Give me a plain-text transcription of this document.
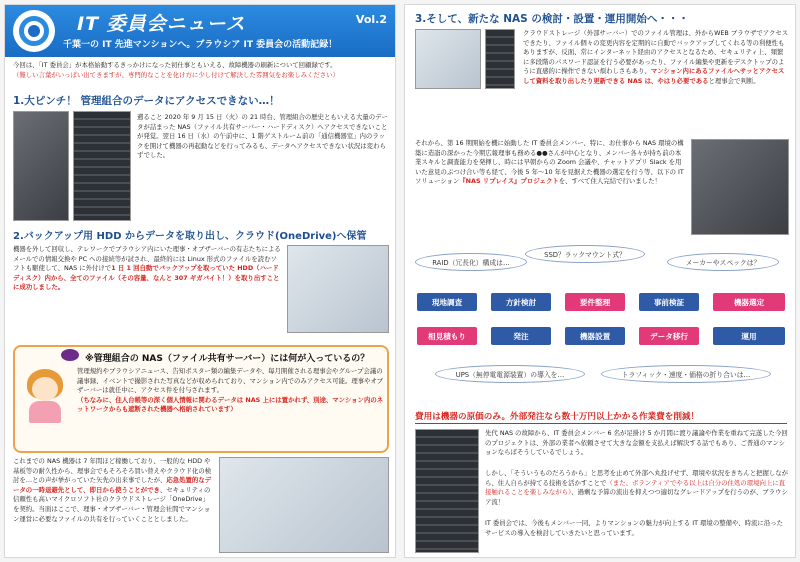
IT 委員会ニュース	Vol.2
千葉一の IT 先進マンションへ。ブラウシア IT 委員会の活動記録！
今回は、「IT 委員会」が本格始動するきっかけになった初仕事ともいえる、故障機器の刷新について回顧録です。
（難しい言葉がいっぱい出てきますが、専門的なことを化け方に少し付けて解決した雰囲気をお楽しみください）
1.大ピンチ！ 管理組合のデータにアクセスできない…！
遡ること 2020 年 9 月 15 日（火）の 21 時台、管理組合の歴史ともいえる大量のデータが詰まった NAS（ファイル共有サーバー・ハードディスク）へアクセスできないことが発覚。翌日 16 日（水）の午前中に、1 階ゲストルーム前の「通信機器室」内のラックを開けて機器の再起動などを行ってみるも、データへアクセスできない状況は変わらずでした。
2.バックアップ用 HDD からデータを取り出し、クラウド(OneDrive)へ保管
機器を外して回収し、テレワークでブラウシア内にいた理事・オブザーバーの有志たちによるメールでの情報交換や PC への接続等が試され、最終的には Linux 形式のファイルを読むソフトも駆使して、NAS に外付けで1 日 1 回自動でバックアップを取っていた HDD（ハードディスク）内から、全てのファイル（その容量、なんと 307 ギガバイト！）を取り出すことに成功しました。
※管理組合の NAS（ファイル共有サーバー）には何が入っているの？
管理規約やブラウシアニュース、告知ポスター類の編集データや、毎月開催される理事会やグループ会議の議事録、イベントで撮影された写真などが収められており、マンション内でのみアクセス可能。理事やオブザーバーは就任中に、アクセス件を付与されます。
（ちなみに、住人台帳等の深く個人情報に関わるデータは NAS 上には置かれず、別途、マンション内のネットワークからも遮断された機器へ格納されています）
これまでの NAS 機器は 7 年間ほど稼働しており、一般的な HDD や基板等の耐久性から、理事会でもそろそろ買い替えやクラウド化の検討を…との声が挙がっていた矢先の出来事でしたが、応急処置的なデータの一時退避先として、即日から使うことができ、セキュリティの信頼性も高いマイクロソフト社のクラウドストレージ「OneDrive」を契約。当面はここで、理事・オブザーバー・管理会社間でマンション運営に必要なファイルの共有を行っていくこととしました。
3.そして、新たな NAS の検討・設置・運用開始へ・・・
クラウドストレージ（外部サーバー）でのファイル管理は、外からWEB ブラウザでアクセスできたり、ファイル個々の変更内容を定期的に自動でバックアップしてくれる等の利便性もありますが、反面、常にインターネット経由のアクセスとなるため、セキュリティ上、頻繁に多段階のパスワード認証を行う必要があったり、ファイル編集や更新をデスクトップのように直感的に操作できない煩わしさもあり、マンション内にあるファイルへサッとアクセスして資料を取り出したり更新できる NAS は、やはり必要であると理事会で判断。
それから、第 16 期開始を機に始動した IT 委員会メンバー、特に、お仕事から NAS 環境の構築に造詣の深かった今期広報理事も務める●●さんが中心となり、メンバー各々が持ち前の本業スキルと調査能力を発揮し、時には早朝からの Zoom 会議や、チャットアプリ Slack を用いた意見のぶつけ合い等も経て、今後 5 年〜10 年を見据えた機器の選定を行う等、以下の IT ソリューション『NAS リプレイス』プロジェクトを、すべて住人完結で行いました！
RAID（冗長化）構成は…
SSD？ラックマウント式？
メーカーやスペックは？
現地調査	方針検討	要件整理	事前検証	機器選定
相見積もり	発注	機器設置	データ移行	運用
UPS（無停電電源装置）の導入を…	トラフィック・速度・価格の折り合いは…
費用は機器の原価のみ。外部発注なら数十万円以上かかる作業費を削減！
先代 NAS の故障から、IT 委員会メンバー 6 名が足掛け 5 か月間に渡り議論や作業を重ねて完遂した今回のプロジェクトは、外部の業者へ依頼させて大きな金額を支払えば解決する話でもあり、ご普通のマンションならばそうしているでしょう。
しかし、「そういうものだろうから」と思考を止めて外部へ丸投げせず、環境や状況をきちんと把握しながら、住人自らが持てる技術を活かすことで（また、ボランティアでやる以上は自分の住処の環境向上に直接触れることを楽しみながら）、過剰な予算の流出を抑えつつ適切なグレードアップを行うのが、ブラウシア流！
IT 委員会では、今後もメンバー一同、よりマンションの魅力が向上する IT 環境の整備や、時流に沿ったサービスの導入を検討していきたいと思っています。
